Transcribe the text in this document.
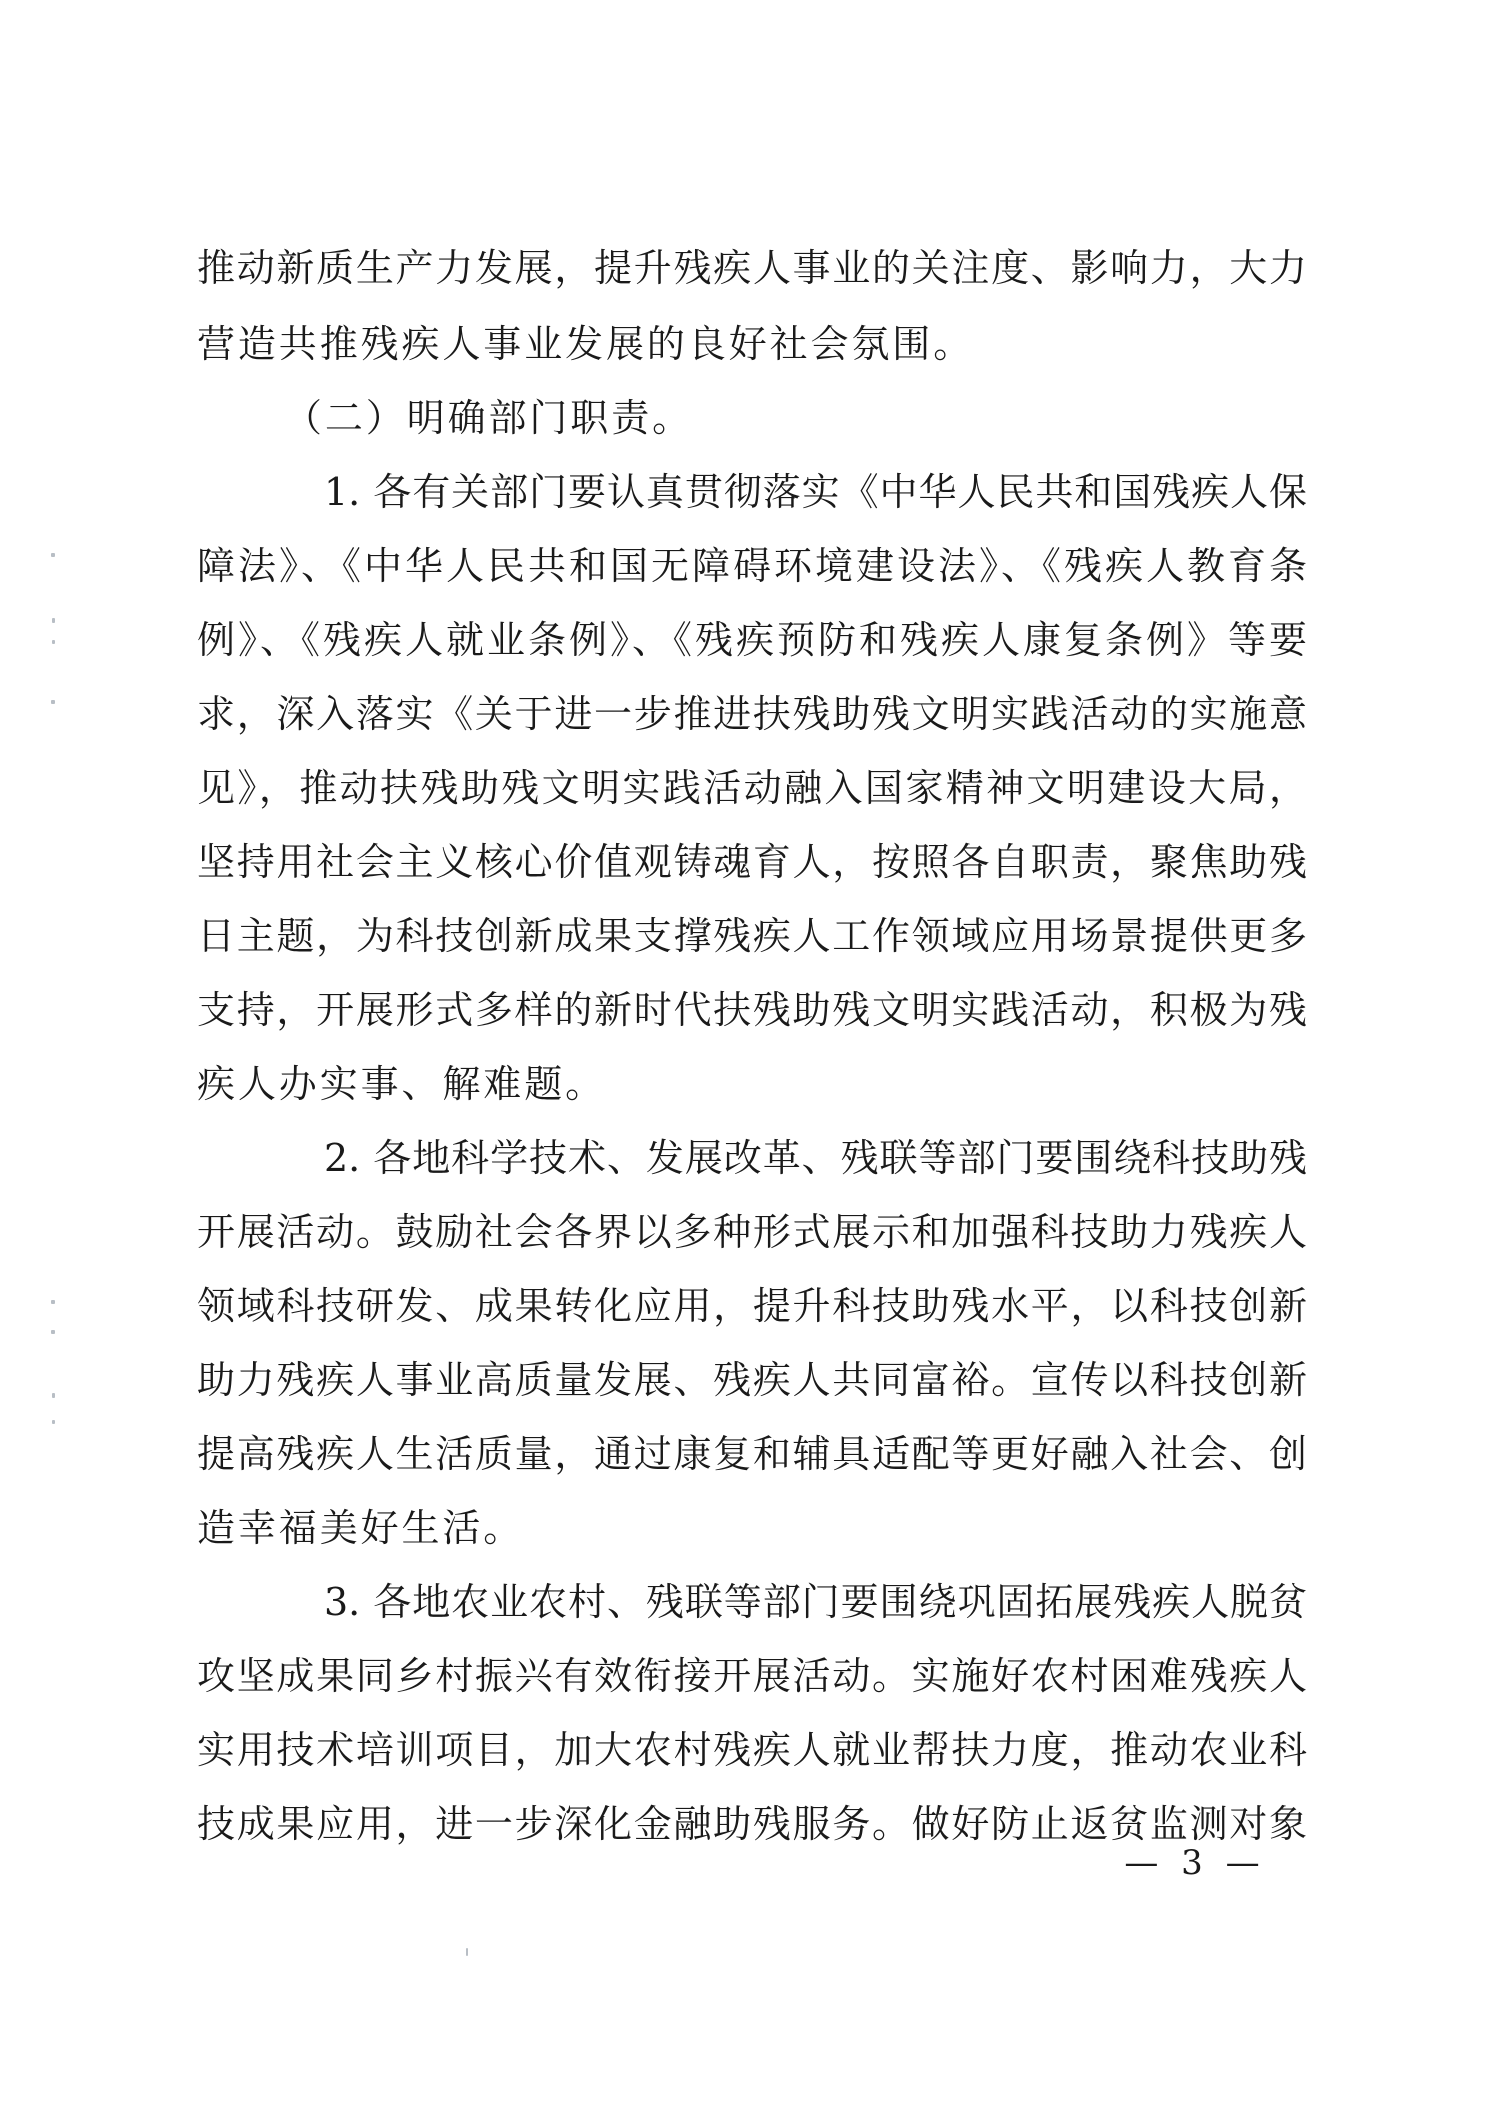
推动新质生产力发展，提升残疾人事业的关注度、影响力，大力
营造共推残疾人事业发展的良好社会氛围。
（二）明确部门职责。
1. 各有关部门要认真贯彻落实《中华人民共和国残疾人保
障法》、《中华人民共和国无障碍环境建设法》、《残疾人教育条
例》、《残疾人就业条例》、《残疾预防和残疾人康复条例》等要
求，深入落实《关于进一步推进扶残助残文明实践活动的实施意
见》，推动扶残助残文明实践活动融入国家精神文明建设大局，
坚持用社会主义核心价值观铸魂育人，按照各自职责，聚焦助残
日主题，为科技创新成果支撑残疾人工作领域应用场景提供更多
支持，开展形式多样的新时代扶残助残文明实践活动，积极为残
疾人办实事、解难题。
2. 各地科学技术、发展改革、残联等部门要围绕科技助残
开展活动。鼓励社会各界以多种形式展示和加强科技助力残疾人
领域科技研发、成果转化应用，提升科技助残水平，以科技创新
助力残疾人事业高质量发展、残疾人共同富裕。宣传以科技创新
提高残疾人生活质量，通过康复和辅具适配等更好融入社会、创
造幸福美好生活。
3. 各地农业农村、残联等部门要围绕巩固拓展残疾人脱贫
攻坚成果同乡村振兴有效衔接开展活动。实施好农村困难残疾人
实用技术培训项目，加大农村残疾人就业帮扶力度，推动农业科
技成果应用，进一步深化金融助残服务。做好防止返贫监测对象
— 3 —
